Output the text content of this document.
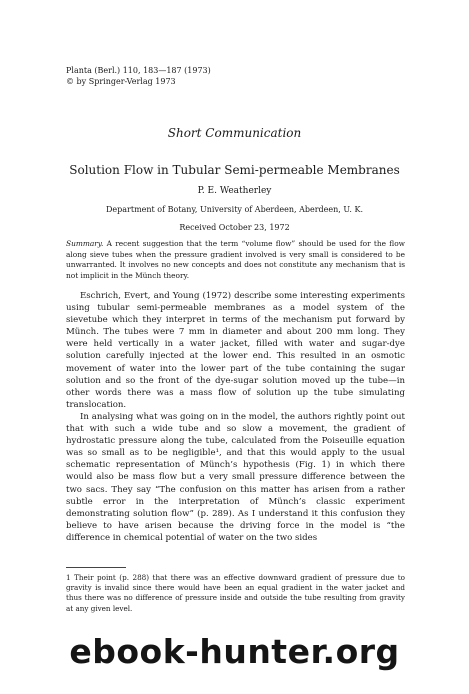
Planta (Berl.) 110, 183—187 (1973)
© by Springer-Verlag 1973
Short Communication
Solution Flow in Tubular Semi-permeable Membranes
P. E. Weatherley
Department of Botany, University of Aberdeen, Aberdeen, U. K.
Received October 23, 1972
Summary. A recent suggestion that the term “volume flow” should be used for the flow along sieve tubes when the pressure gradient involved is very small is considered to be unwarranted. It involves no new concepts and does not constitute any mechanism that is not implicit in the Münch theory.

Eschrich, Evert, and Young (1972) describe some interesting experiments using tubular semi-permeable membranes as a model system of the sievetube which they interpret in terms of the mechanism put forward by Münch. The tubes were 7 mm in diameter and about 200 mm long. They were held vertically in a water jacket, filled with water and sugar-dye solution carefully injected at the lower end. This resulted in an osmotic movement of water into the lower part of the tube containing the sugar solution and so the front of the dye-sugar solution moved up the tube—in other words there was a mass flow of solution up the tube simulating translocation.

In analysing what was going on in the model, the authors rightly point out that with such a wide tube and so slow a movement, the gradient of hydrostatic pressure along the tube, calculated from the Poiseuille equation was so small as to be negligible¹, and that this would apply to the usual schematic representation of Münch’s hypothesis (Fig. 1) in which there would also be mass flow but a very small pressure difference between the two sacs. They say “The confusion on this matter has arisen from a rather subtle error in the interpretation of Münch’s classic experiment demonstrating solution flow” (p. 289). As I understand it this confusion they believe to have arisen because the driving force in the model is “the difference in chemical potential of water on the two sides

1 Their point (p. 288) that there was an effective downward gradient of pressure due to gravity is invalid since there would have been an equal gradient in the water jacket and thus there was no difference of pressure inside and outside the tube resulting from gravity at any given level.
ebook-hunter.org
